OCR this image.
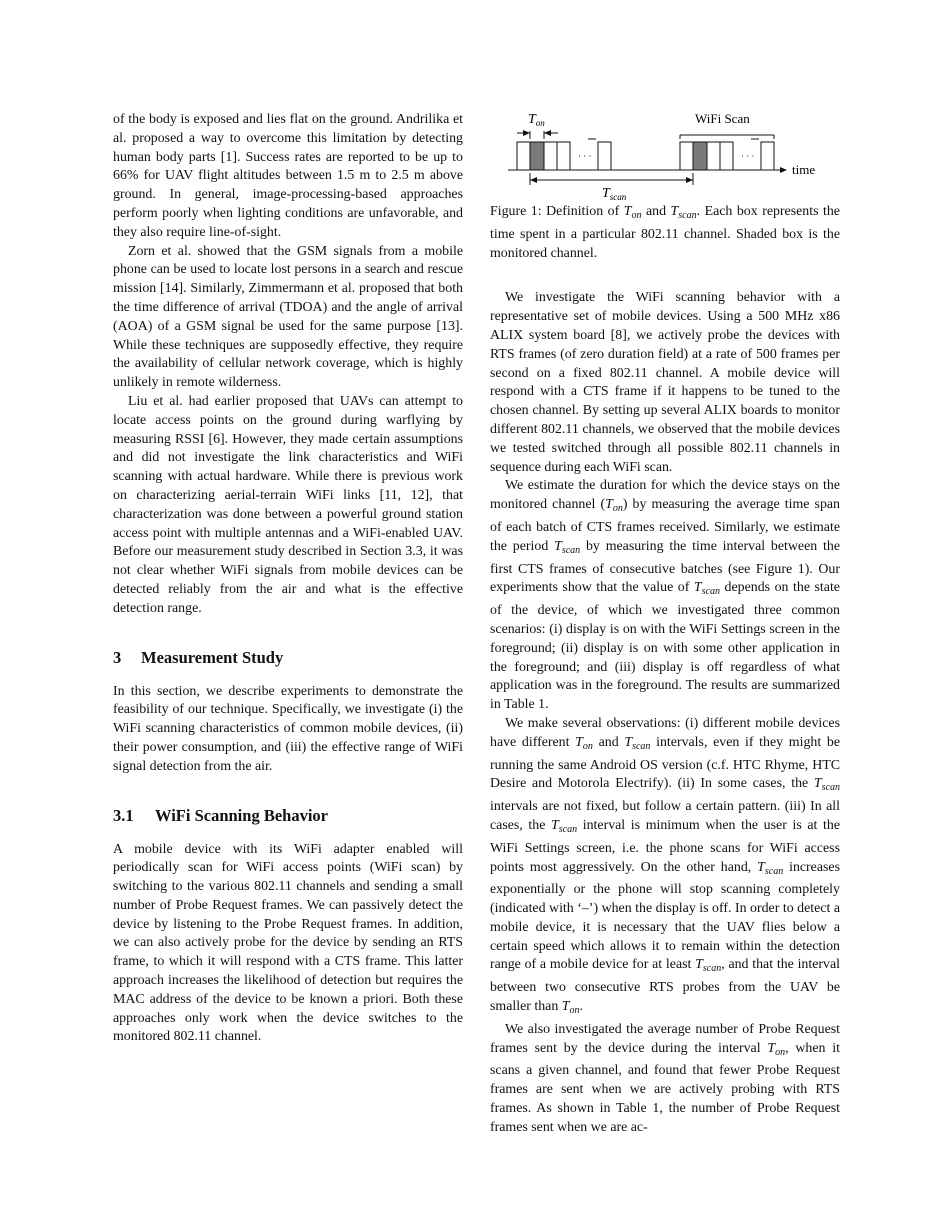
of the body is exposed and lies flat on the ground. Andrilika et al. proposed a way to overcome this limitation by detecting human body parts [1]. Success rates are reported to be up to 66% for UAV flight altitudes between 1.5 m to 2.5 m above ground. In general, image-processing-based approaches perform poorly when lighting conditions are unfavorable, and they also require line-of-sight.

Zorn et al. showed that the GSM signals from a mobile phone can be used to locate lost persons in a search and rescue mission [14]. Similarly, Zimmermann et al. proposed that both the time difference of arrival (TDOA) and the angle of arrival (AOA) of a GSM signal be used for the same purpose [13]. While these techniques are supposedly effective, they require the availability of cellular network coverage, which is highly unlikely in remote wilderness.

Liu et al. had earlier proposed that UAVs can attempt to locate access points on the ground during warflying by measuring RSSI [6]. However, they made certain assumptions and did not investigate the link characteristics and WiFi scanning with actual hardware. While there is previous work on characterizing aerial-terrain WiFi links [11, 12], that characterization was done between a powerful ground station access point with multiple antennas and a WiFi-enabled UAV. Before our measurement study described in Section 3.3, it was not clear whether WiFi signals from mobile devices can be detected reliably from the air and what is the effective detection range.

3 Measurement Study

In this section, we describe experiments to demonstrate the feasibility of our technique. Specifically, we investigate (i) the WiFi scanning characteristics of common mobile devices, (ii) their power consumption, and (iii) the effective range of WiFi signal detection from the air.

3.1 WiFi Scanning Behavior

A mobile device with its WiFi adapter enabled will periodically scan for WiFi access points (WiFi scan) by switching to the various 802.11 channels and sending a small number of Probe Request frames. We can passively detect the device by listening to the Probe Request frames. In addition, we can also actively probe for the device by sending an RTS frame, to which it will respond with a CTS frame. This latter approach increases the likelihood of detection but requires the MAC address of the device to be known a priori. Both these approaches only work when the device switches to the monitored 802.11 channel.

$T_{on}$	WiFi Scan
· · ·	· · ·
time
$T_{scan}$
Figure 1: Definition of $T_{on}$ and $T_{scan}$. Each box represents the time spent in a particular 802.11 channel. Shaded box is the monitored channel.

We investigate the WiFi scanning behavior with a representative set of mobile devices. Using a 500 MHz x86 ALIX system board [8], we actively probe the devices with RTS frames (of zero duration field) at a rate of 500 frames per second on a fixed 802.11 channel. A mobile device will respond with a CTS frame if it happens to be tuned to the chosen channel. By setting up several ALIX boards to monitor different 802.11 channels, we observed that the mobile devices we tested switched through all possible 802.11 channels in sequence during each WiFi scan.

We estimate the duration for which the device stays on the monitored channel $(T_{on})$ by measuring the average time span of each batch of CTS frames received. Similarly, we estimate the period $T_{scan}$ by measuring the time interval between the first CTS frames of consecutive batches (see Figure 1). Our experiments show that the value of $T_{scan}$ depends on the state of the device, of which we investigated three common scenarios: (i) display is on with the WiFi Settings screen in the foreground; (ii) display is on with some other application in the foreground; and (iii) display is off regardless of what application was in the foreground. The results are summarized in Table 1.

We make several observations: (i) different mobile devices have different $T_{on}$ and $T_{scan}$ intervals, even if they might be running the same Android OS version (c.f. HTC Rhyme, HTC Desire and Motorola Electrify). (ii) In some cases, the $T_{scan}$ intervals are not fixed, but follow a certain pattern. (iii) In all cases, the $T_{scan}$ interval is minimum when the user is at the WiFi Settings screen, i.e. the phone scans for WiFi access points most aggressively. On the other hand, $T_{scan}$ increases exponentially or the phone will stop scanning completely (indicated with ‘–’) when the display is off. In order to detect a mobile device, it is necessary that the UAV flies below a certain speed which allows it to remain within the detection range of a mobile device for at least $T_{scan}$, and that the interval between two consecutive RTS probes from the UAV be smaller than $T_{on}$.

We also investigated the average number of Probe Request frames sent by the device during the interval $T_{on}$, when it scans a given channel, and found that fewer Probe Request frames are sent when we are actively probing with RTS frames. As shown in Table 1, the number of Probe Request frames sent when we are ac-
